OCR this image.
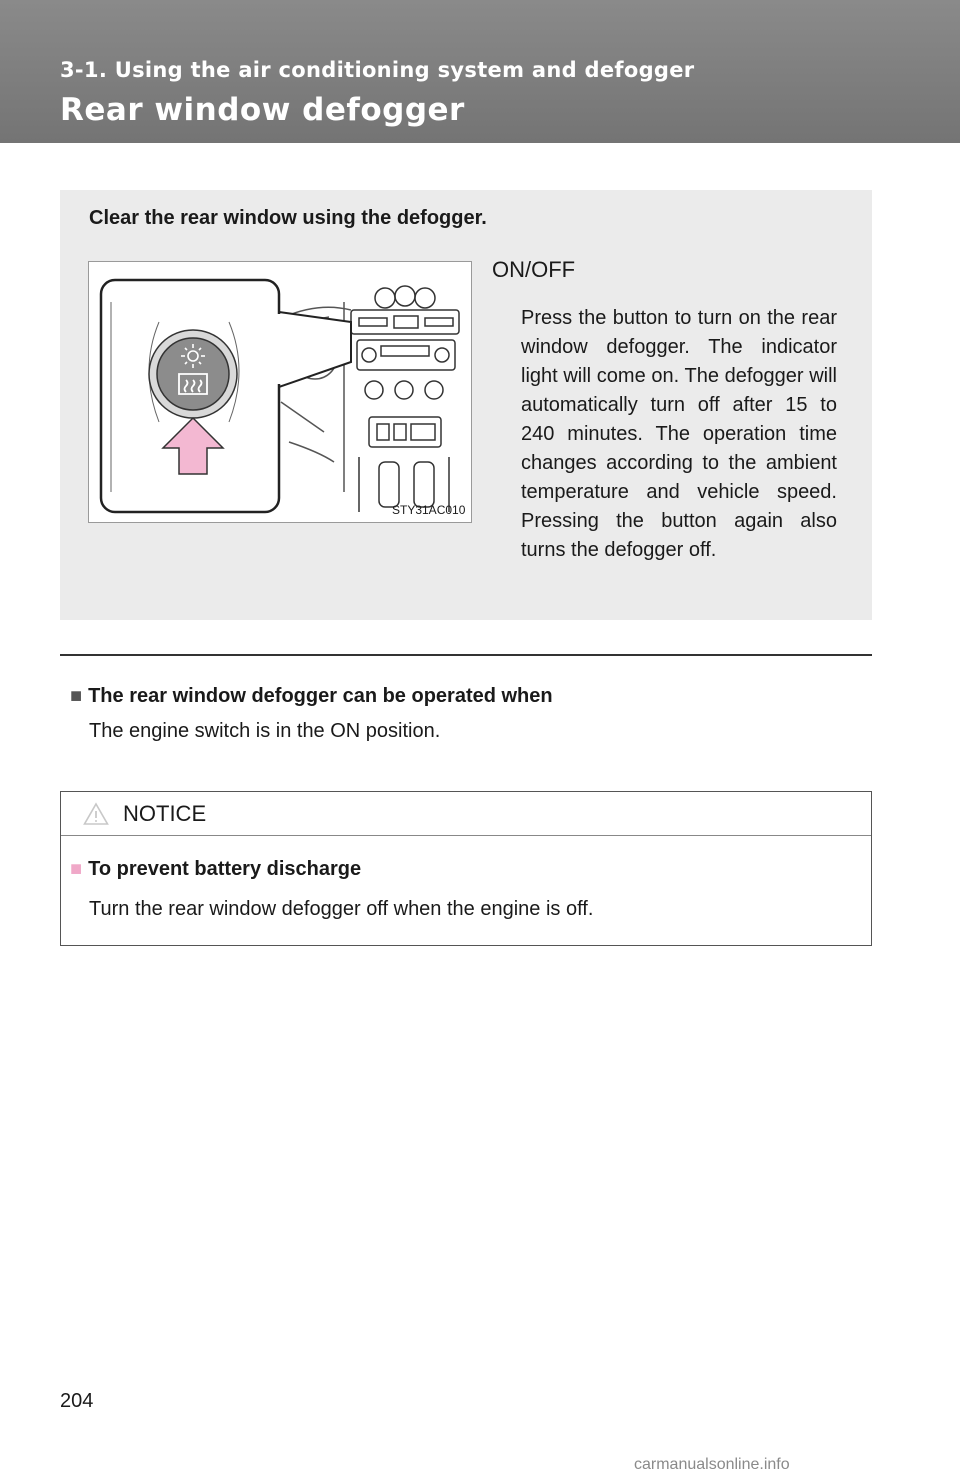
3-1. Using the air conditioning system and defogger
Rear window defogger
Clear the rear window using the defogger.
STY31AC010
ON/OFF
Press the button to turn on the rear window defogger. The indicator light will come on. The defogger will automatically turn off after 15 to 240 minutes. The operation time changes according to the ambient temperature and vehicle speed. Pressing the button again also turns the defogger off.
■ The rear window defogger can be operated when
The engine switch is in the ON position.
NOTICE
■ To prevent battery discharge
Turn the rear window defogger off when the engine is off.
204
carmanualsonline.info
